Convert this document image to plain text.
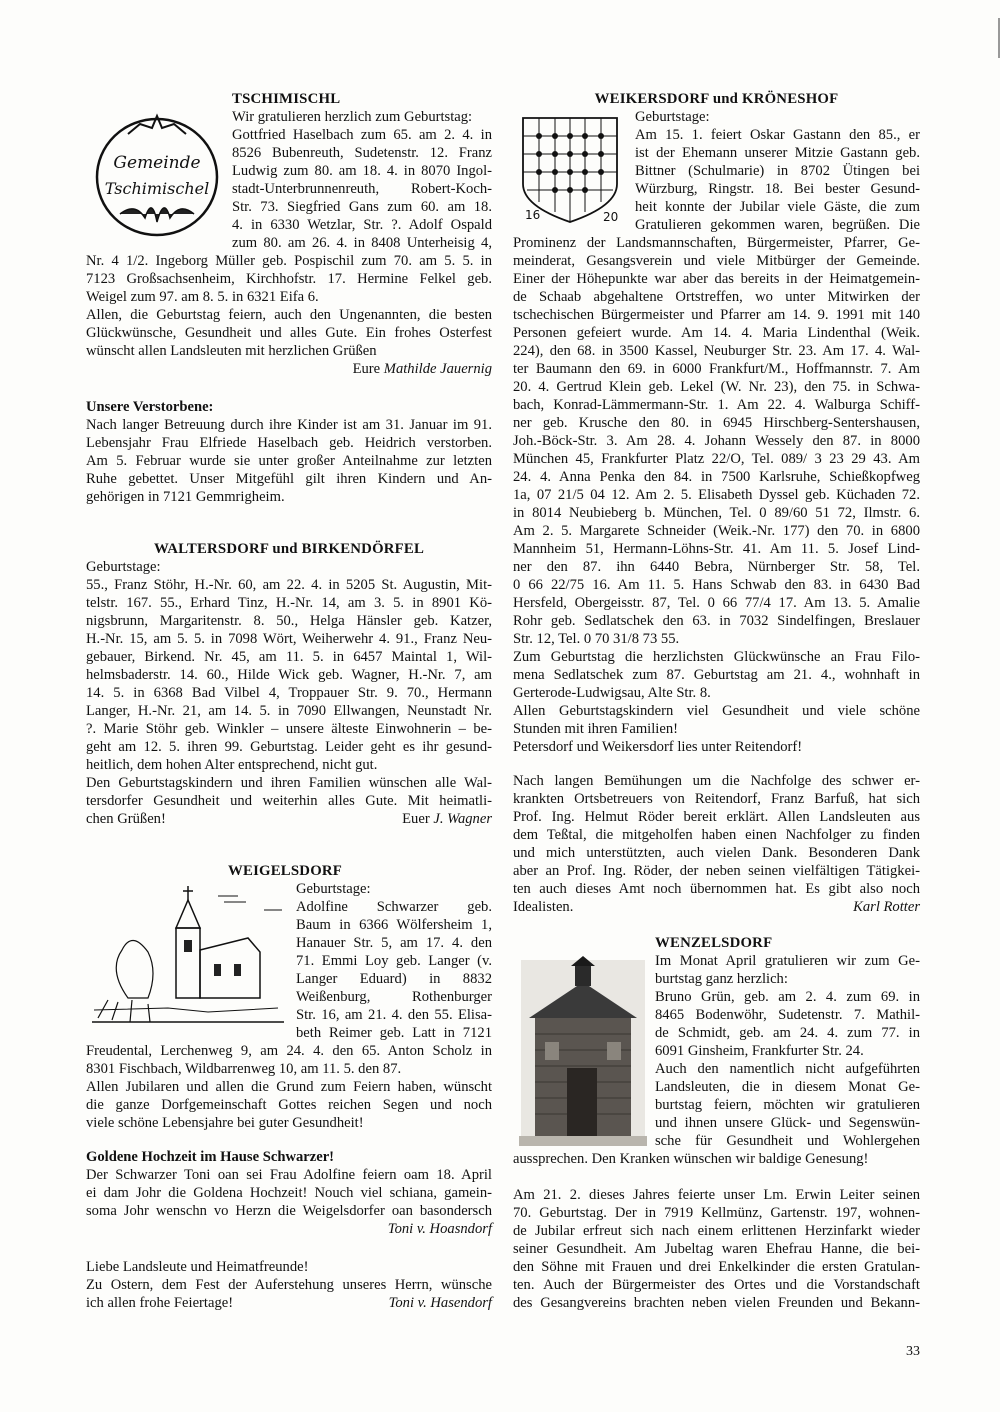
TSCHIMISCHL
Gemeinde
Tschimischel
Wir gratulieren herzlich zum Geburtstag:
Gottfried Haselbach zum 65. am 2. 4. in
8526 Bubenreuth, Sudetenstr. 12. Franz
Ludwig zum 80. am 18. 4. in 8070 Ingol-
stadt-Unterbrunnenreuth, Robert-Koch-
Str. 73. Siegfried Gans zum 60. am 18.
4. in 6330 Wetzlar, Str. ?. Adolf Ospald
zum 80. am 26. 4. in 8408 Unterheisig 4,
Nr. 4 1/2. Ingeborg Müller geb. Pospischil zum 70. am 5. 5. in
7123 Großsachsenheim, Kirchhofstr. 17. Hermine Felkel geb.
Weigel zum 97. am 8. 5. in 6321 Eifa 6.
Allen, die Geburtstag feiern, auch den Ungenannten, die besten
Glückwünsche, Gesundheit und alles Gute. Ein frohes Osterfest
wünscht allen Landsleuten mit herzlichen Grüßen
Eure Mathilde Jauernig
Unsere Verstorbene:
Nach langer Betreuung durch ihre Kinder ist am 31. Januar im 91.
Lebensjahr Frau Elfriede Haselbach geb. Heidrich verstorben.
Am 5. Februar wurde sie unter großer Anteilnahme zur letzten
Ruhe gebettet. Unser Mitgefühl gilt ihren Kindern und An-
gehörigen in 7121 Gemmrigheim.
WALTERSDORF und BIRKENDÖRFEL
Geburtstage:
55., Franz Stöhr, H.-Nr. 60, am 22. 4. in 5205 St. Augustin, Mit-
telstr. 167. 55., Erhard Tinz, H.-Nr. 14, am 3. 5. in 8901 Kö-
nigsbrunn, Margaritenstr. 8. 50., Helga Hänsler geb. Katzer,
H.-Nr. 15, am 5. 5. in 7098 Wört, Weiherwehr 4. 91., Franz Neu-
gebauer, Birkend. Nr. 45, am 11. 5. in 6457 Maintal 1, Wil-
helmsbaderstr. 14. 60., Hilde Wick geb. Wagner, H.-Nr. 7, am
14. 5. in 6368 Bad Vilbel 4, Troppauer Str. 9. 70., Hermann
Langer, H.-Nr. 21, am 14. 5. in 7090 Ellwangen, Neunstadt Nr.
?. Marie Stöhr geb. Winkler – unsere älteste Einwohnerin – be-
geht am 12. 5. ihren 99. Geburtstag. Leider geht es ihr gesund-
heitlich, dem hohen Alter entsprechend, nicht gut.
Den Geburtstagskindern und ihren Familien wünschen alle Wal-
tersdorfer Gesundheit und weiterhin alles Gute. Mit heimatli-
chen Grüßen!	Euer J. Wagner
WEIGELSDORF
Geburtstage:
Adolfine Schwarzer geb.
Baum in 6366 Wölfersheim 1,
Hanauer Str. 5, am 17. 4. den
71. Emmi Loy geb. Langer (v.
Langer Eduard) in 8832
Weißenburg, Rothenburger
Str. 16, am 21. 4. den 55. Elisa-
beth Reimer geb. Latt in 7121
Freudental, Lerchenweg 9, am 24. 4. den 65. Anton Scholz in
8301 Fischbach, Wildbarrenweg 10, am 11. 5. den 87.
Allen Jubilaren und allen die Grund zum Feiern haben, wünscht
die ganze Dorfgemeinschaft Gottes reichen Segen und noch
viele schöne Lebensjahre bei guter Gesundheit!
Goldene Hochzeit im Hause Schwarzer!
Der Schwarzer Toni oan sei Frau Adolfine feiern oam 18. April
ei dam Johr die Goldena Hochzeit! Nouch viel schiana, gamein-
soma Johr wenschn vo Herzn die Weigelsdorfer oan basondersch
Toni v. Hoasndorf
Liebe Landsleute und Heimatfreunde!
Zu Ostern, dem Fest der Auferstehung unseres Herrn, wünsche
ich allen frohe Feiertage!	Toni v. Hasendorf
WEIKERSDORF und KRÖNESHOF
16	20
Geburtstage:
Am 15. 1. feiert Oskar Gastann den 85., er
ist der Ehemann unserer Mitzie Gastann geb.
Bittner (Schulmarie) in 8702 Ütingen bei
Würzburg, Ringstr. 18. Bei bester Gesund-
heit konnte der Jubilar viele Gäste, die zum
Gratulieren gekommen waren, begrüßen. Die
Prominenz der Landsmannschaften, Bürgermeister, Pfarrer, Ge-
meinderat, Gesangsverein und viele Mitbürger der Gemeinde.
Einer der Höhepunkte war aber das bereits in der Heimatgemein-
de Schaab abgehaltene Ortstreffen, wo unter Mitwirken der
tschechischen Bürgermeister und Pfarrer am 14. 9. 1991 mit 140
Personen gefeiert wurde. Am 14. 4. Maria Lindenthal (Weik.
224), den 68. in 3500 Kassel, Neuburger Str. 23. Am 17. 4. Wal-
ter Baumann den 69. in 6000 Frankfurt/M., Hoffmannstr. 7. Am
20. 4. Gertrud Klein geb. Lekel (W. Nr. 23), den 75. in Schwa-
bach, Konrad-Lämmermann-Str. 1. Am 22. 4. Walburga Schiff-
ner geb. Krusche den 80. in 6945 Hirschberg-Sentershausen,
Joh.-Böck-Str. 3. Am 28. 4. Johann Wessely den 87. in 8000
München 45, Frankfurter Platz 22/O, Tel. 089/ 3 23 29 43. Am
24. 4. Anna Penka den 84. in 7500 Karlsruhe, Schießkopfweg
1a, 07 21/5 04 12. Am 2. 5. Elisabeth Dyssel geb. Küchaden 72.
in 8014 Neubieberg b. München, Tel. 0 89/60 51 72, Ilmstr. 6.
Am 2. 5. Margarete Schneider (Weik.-Nr. 177) den 70. in 6800
Mannheim 51, Hermann-Löhns-Str. 41. Am 11. 5. Josef Lind-
ner den 87. ihn 6440 Bebra, Nürnberger Str. 58, Tel.
0 66 22/75 16. Am 11. 5. Hans Schwab den 83. in 6430 Bad
Hersfeld, Obergeisstr. 87, Tel. 0 66 77/4 17. Am 13. 5. Amalie
Rohr geb. Sedlatschek den 63. in 7032 Sindelfingen, Breslauer
Str. 12, Tel. 0 70 31/8 73 55.
Zum Geburtstag die herzlichsten Glückwünsche an Frau Filo-
mena Sedlatschek zum 87. Geburtstag am 21. 4., wohnhaft in
Gerterode-Ludwigsau, Alte Str. 8.
Allen Geburtstagskindern viel Gesundheit und viele schöne
Stunden mit ihren Familien!
Petersdorf und Weikersdorf lies unter Reitendorf!
Nach langen Bemühungen um die Nachfolge des schwer er-
krankten Ortsbetreuers von Reitendorf, Franz Barfuß, hat sich
Prof. Ing. Helmut Röder bereit erklärt. Allen Landsleuten aus
dem Teßtal, die mitgeholfen haben einen Nachfolger zu finden
und mich unterstützten, auch vielen Dank. Besonderen Dank
aber an Prof. Ing. Röder, der neben seinen vielfältigen Tätigkei-
ten auch dieses Amt noch übernommen hat. Es gibt also noch
Idealisten.	Karl Rotter
WENZELSDORF
Im Monat April gratulieren wir zum Ge-
burtstag ganz herzlich:
Bruno Grün, geb. am 2. 4. zum 69. in
8465 Bodenwöhr, Sudetenstr. 7. Mathil-
de Schmidt, geb. am 24. 4. zum 77. in
6091 Ginsheim, Frankfurter Str. 24.
Auch den namentlich nicht aufgeführten
Landsleuten, die in diesem Monat Ge-
burtstag feiern, möchten wir gratulieren
und ihnen unsere Glück- und Segenswün-
sche für Gesundheit und Wohlergehen
aussprechen. Den Kranken wünschen wir baldige Genesung!
Am 21. 2. dieses Jahres feierte unser Lm. Erwin Leiter seinen
70. Geburtstag. Der in 7919 Kellmünz, Gartenstr. 197, wohnen-
de Jubilar erfreut sich nach einem erlittenen Herzinfarkt wieder
seiner Gesundheit. Am Jubeltag waren Ehefrau Hanne, die bei-
den Söhne mit Frauen und drei Enkelkinder die ersten Gratulan-
ten. Auch der Bürgermeister des Ortes und die Vorstandschaft
des Gesangvereins brachten neben vielen Freunden und Bekann-
33
